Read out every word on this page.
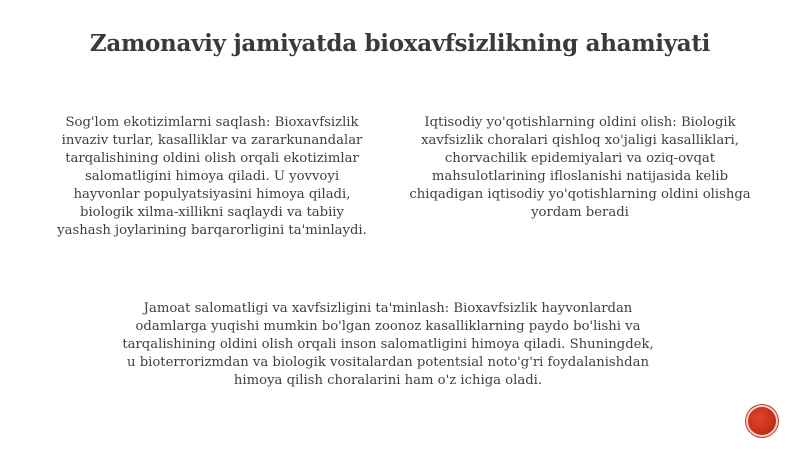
Zamonaviy jamiyatda bioxavfsizlikning ahamiyati

Sog'lom ekotizimlarni saqlash: Bioxavfsizlik invaziv turlar, kasalliklar va zararkunandalar tarqalishining oldini olish orqali ekotizimlar salomatligini himoya qiladi. U yovvoyi hayvonlar populyatsiyasini himoya qiladi, biologik xilma-xillikni saqlaydi va tabiiy yashash joylarining barqarorligini ta'minlaydi.

Iqtisodiy yo'qotishlarning oldini olish: Biologik xavfsizlik choralari qishloq xo'jaligi kasalliklari, chorvachilik epidemiyalari va oziq-ovqat mahsulotlarining ifloslanishi natijasida kelib chiqadigan iqtisodiy yo'qotishlarning oldini olishga yordam beradi

Jamoat salomatligi va xavfsizligini ta'minlash: Bioxavfsizlik hayvonlardan odamlarga yuqishi mumkin bo'lgan zoonoz kasalliklarning paydo bo'lishi va tarqalishining oldini olish orqali inson salomatligini himoya qiladi. Shuningdek, u bioterrorizmdan va biologik vositalardan potentsial noto'g'ri foydalanishdan himoya qilish choralarini ham o'z ichiga oladi.
